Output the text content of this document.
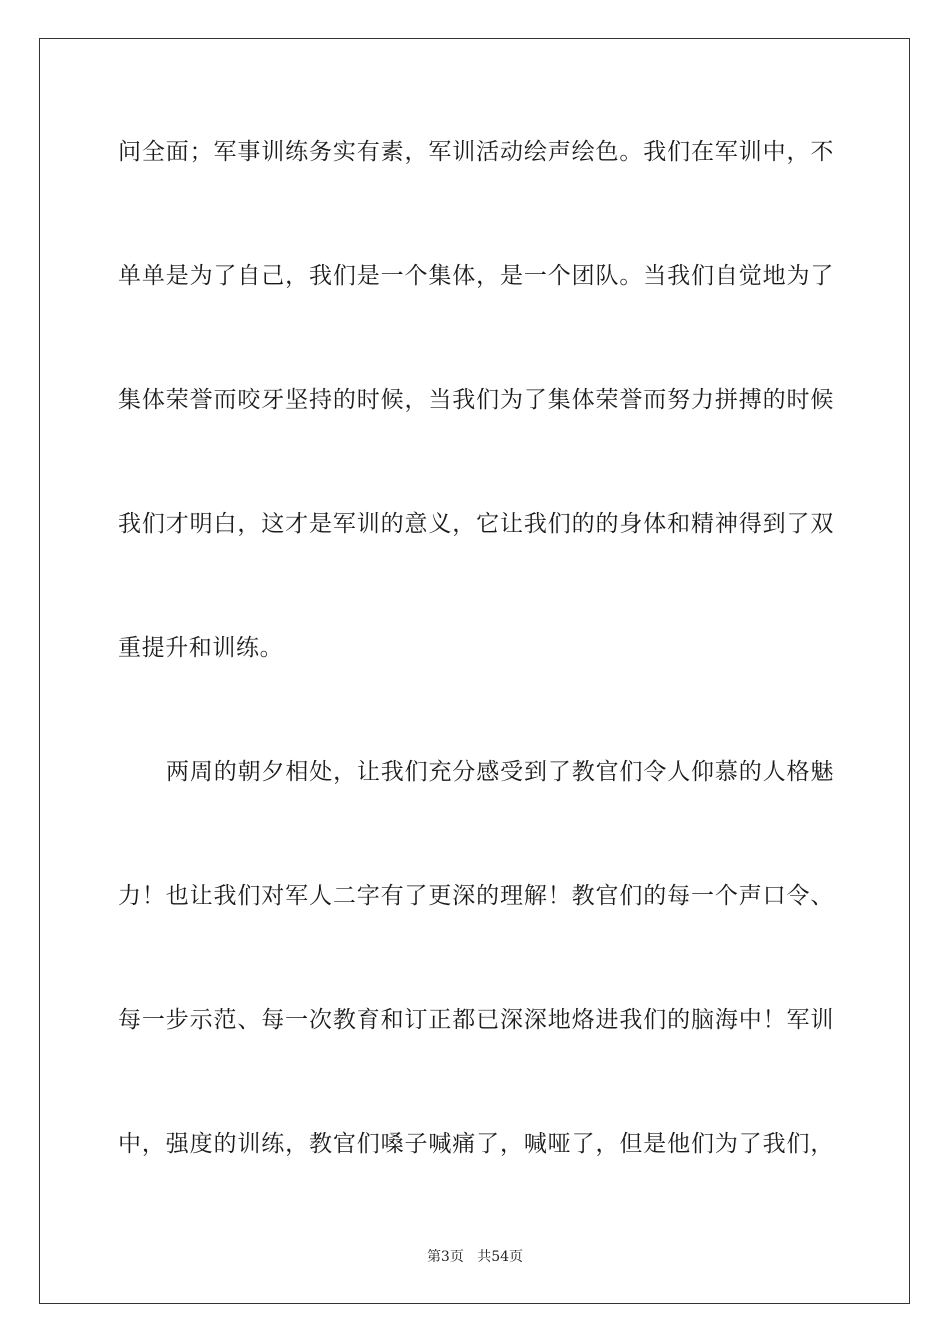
问全面；军事训练务实有素，军训活动绘声绘色。我们在军训中，不
单单是为了自己，我们是一个集体，是一个团队。当我们自觉地为了
集体荣誉而咬牙坚持的时候，当我们为了集体荣誉而努力拼搏的时候
我们才明白，这才是军训的意义，它让我们的的身体和精神得到了双
重提升和训练。
两周的朝夕相处，让我们充分感受到了教官们令人仰慕的人格魅
力！也让我们对军人二字有了更深的理解！教官们的每一个声口令、
每一步示范、每一次教育和订正都已深深地烙进我们的脑海中！军训
中，强度的训练，教官们嗓子喊痛了，喊哑了，但是他们为了我们，
第3页 共54页
